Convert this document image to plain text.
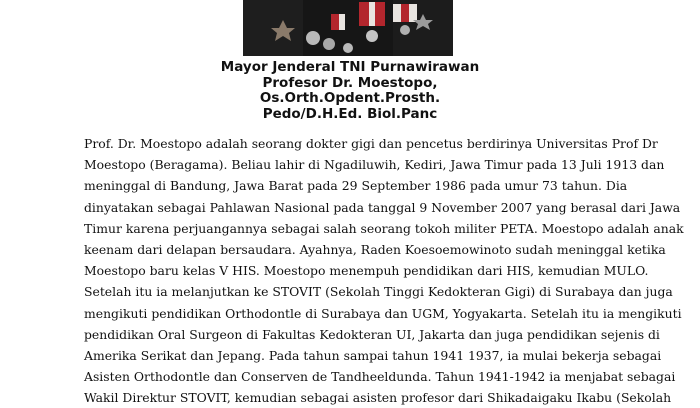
Mayor Jenderal TNI Purnawirawan
Profesor Dr. Moestopo,
Os.Orth.Opdent.Prosth.
Pedo/D.H.Ed. Biol.Panc
Prof. Dr. Moestopo adalah seorang dokter gigi dan pencetus berdirinya Universitas Prof Dr
Moestopo (Beragama). Beliau lahir di Ngadiluwih, Kediri, Jawa Timur pada 13 Juli 1913 dan
meninggal di Bandung, Jawa Barat pada 29 September 1986 pada umur 73 tahun. Dia
dinyatakan sebagai Pahlawan Nasional pada tanggal 9 November 2007 yang berasal dari Jawa
Timur karena perjuangannya sebagai salah seorang tokoh militer PETA. Moestopo adalah anak
keenam dari delapan bersaudara. Ayahnya, Raden Koesoemowinoto sudah meninggal ketika
Moestopo baru kelas V HIS. Moestopo menempuh pendidikan dari HIS, kemudian MULO.
Setelah itu ia melanjutkan ke STOVIT (Sekolah Tinggi Kedokteran Gigi) di Surabaya dan juga
mengikuti pendidikan Orthodontle di Surabaya dan UGM, Yogyakarta. Setelah itu ia mengikuti
pendidikan Oral Surgeon di Fakultas Kedokteran UI, Jakarta dan juga pendidikan sejenis di
Amerika Serikat dan Jepang. Pada tahun sampai tahun 1941 1937, ia mulai bekerja sebagai
Asisten Orthodontle dan Conserven de Tandheeldunda. Tahun 1941-1942 ia menjabat sebagai
Wakil Direktur STOVIT, kemudian sebagai asisten profesor dari Shikadaigaku Ikabu (Sekolah
